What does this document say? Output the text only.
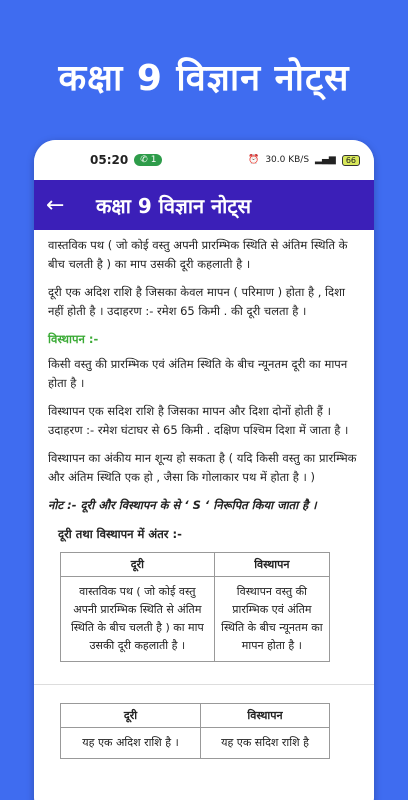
कक्षा 9 विज्ञान नोट्स
05:20 ✆ 1	⏰ 30.0 KB/S ▂▄▆	66
←	कक्षा 9 विज्ञान नोट्स

वास्तविक पथ ( जो कोई वस्तु अपनी प्रारम्भिक स्थिति से अंतिम स्थिति के बीच चलती है ) का माप उसकी दूरी कहलाती है ।

दूरी एक अदिश राशि है जिसका केवल मापन ( परिमाण ) होता है , दिशा नहीं होती है । उदाहरण :- रमेश 65 किमी . की दूरी चलता है ।

विस्थापन :-

किसी वस्तु की प्रारम्भिक एवं अंतिम स्थिति के बीच न्यूनतम दूरी का मापन होता है ।

विस्थापन एक सदिश राशि है जिसका मापन और दिशा दोनों होती हैं । उदाहरण :- रमेश घंटाघर से 65 किमी . दक्षिण पश्चिम दिशा में जाता है ।

विस्थापन का अंकीय मान शून्य हो सकता है ( यदि किसी वस्तु का प्रारम्भिक और अंतिम स्थिति एक हो , जैसा कि गोलाकार पथ में होता है । )

नोट :- दूरी और विस्थापन के से ‘ S ‘ निरूपित किया जाता है ।
दूरी तथा विस्थापन में अंतर :-
दूरी	विस्थापन
वास्तविक पथ ( जो कोई वस्तु अपनी प्रारम्भिक स्थिति से अंतिम स्थिति के बीच चलती है ) का माप उसकी दूरी कहलाती है ।	विस्थापन वस्तु की प्रारम्भिक एवं अंतिम स्थिति के बीच न्यूनतम का मापन होता है ।
दूरी	विस्थापन
यह एक अदिश राशि है ।	यह एक सदिश राशि है
